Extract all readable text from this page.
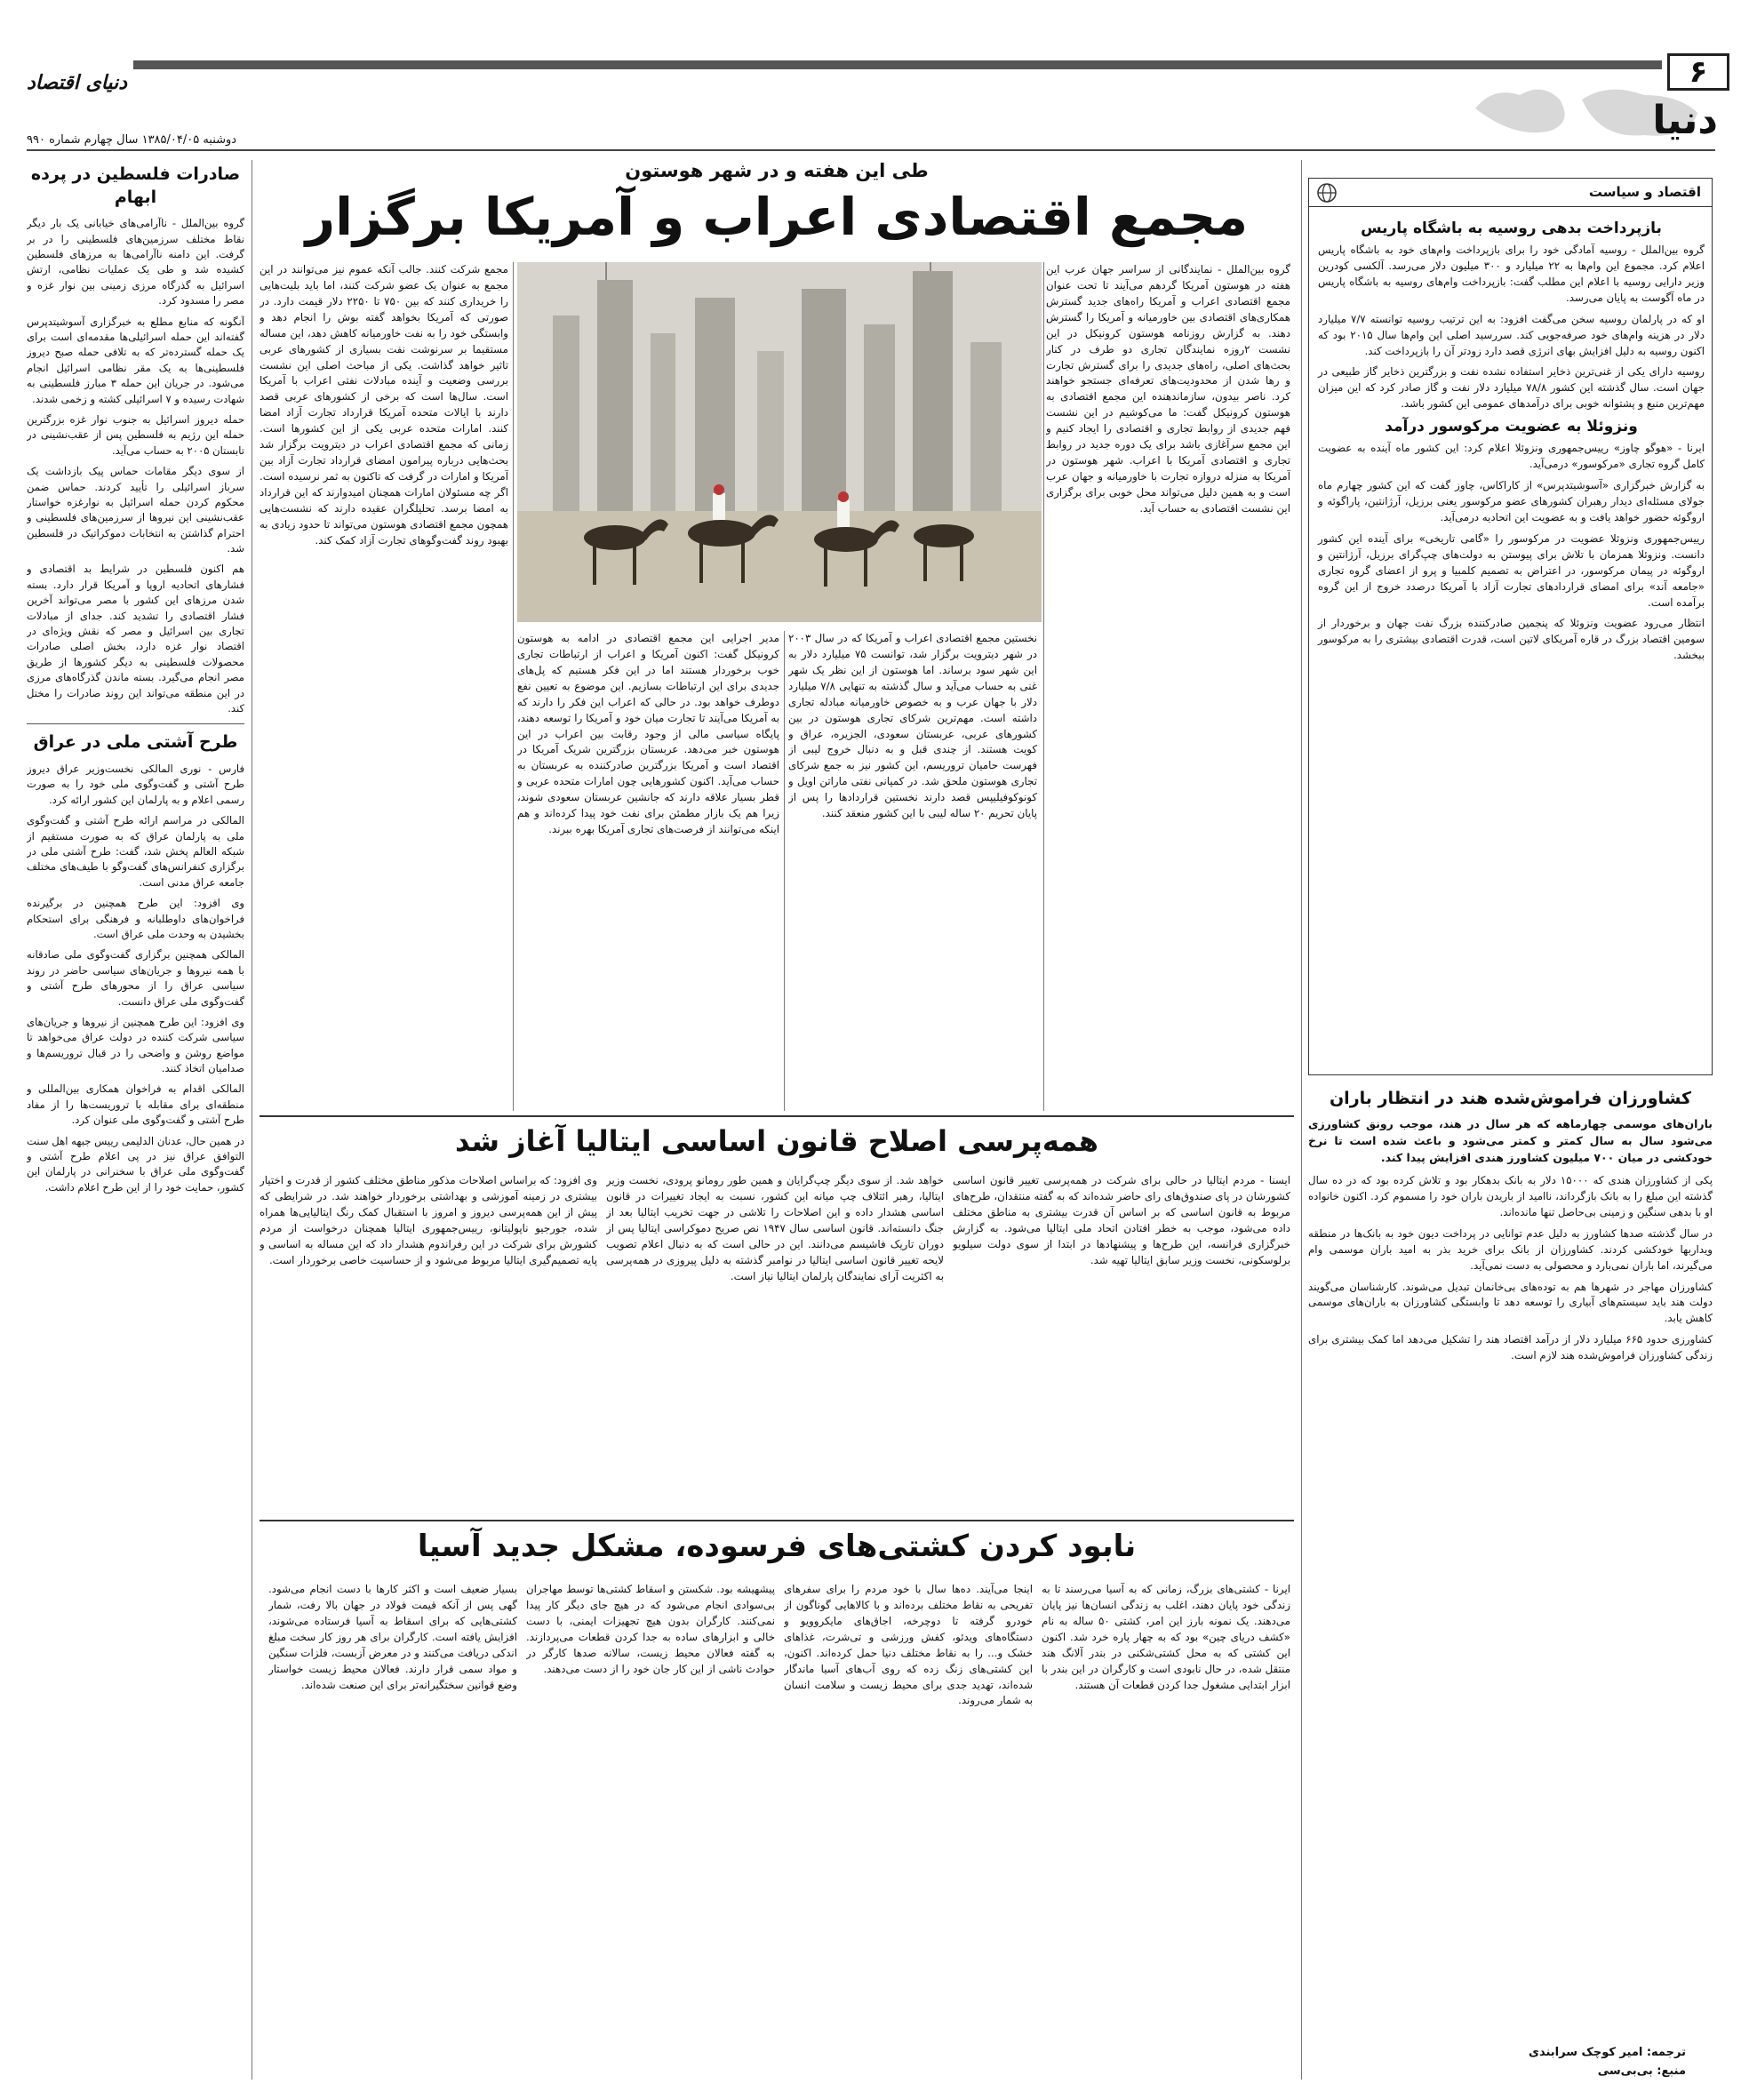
۶
دنیای اقتصاد
دنیا
دوشنبه ۱۳۸۵/۰۴/۰۵ سال چهارم شماره ۹۹۰
صادرات فلسطین در پرده ابهام

گروه بین‌الملل - ناآرامی‌های خیابانی یک بار دیگر نقاط مختلف سرزمین‌های فلسطینی را در بر گرفت. این دامنه ناآرامی‌ها به مرزهای فلسطین کشیده شد و طی یک عملیات نظامی، ارتش اسرائیل به گذرگاه مرزی زمینی بین نوار غزه و مصر را مسدود کرد.

آنگونه که منابع مطلع به خبرگزاری آسوشیتدپرس گفته‌اند این حمله اسرائیلی‌ها مقدمه‌ای است برای یک حمله گسترده‌تر که به تلافی حمله صبح دیروز فلسطینی‌ها به یک مقر نظامی اسرائیل انجام می‌شود. در جریان این حمله ۳ مبارز فلسطینی به شهادت رسیده و ۷ اسرائیلی کشته و زخمی شدند.

حمله دیروز اسرائیل به جنوب نوار غزه بزرگترین حمله این رژیم به فلسطین پس از عقب‌نشینی در تابستان ۲۰۰۵ به حساب می‌آید.

از سوی دیگر مقامات حماس پیک بازداشت یک سرباز اسرائیلی را تأیید کردند. حماس ضمن محکوم کردن حمله اسرائیل به نوارغزه خواستار عقب‌نشینی این نیروها از سرزمین‌های فلسطینی و احترام گذاشتن به انتخابات دموکراتیک در فلسطین شد.

هم اکنون فلسطین در شرایط بد اقتصادی و فشارهای اتحادیه اروپا و آمریکا قرار دارد. بسته شدن مرزهای این کشور با مصر می‌تواند آخرین فشار اقتصادی را تشدید کند. جدای از مبادلات تجاری بین اسرائیل و مصر که نقش ویژه‌ای در اقتصاد نوار غزه دارد، بخش اصلی صادرات محصولات فلسطینی به دیگر کشورها از طریق مصر انجام می‌گیرد. بسته ماندن گذرگاه‌های مرزی در این منطقه می‌تواند این روند صادرات را مختل کند.

طرح آشتی ملی در عراق

فارس - نوری المالکی نخست‌وزیر عراق دیروز طرح آشتی و گفت‌وگوی ملی خود را به صورت رسمی اعلام و به پارلمان این کشور ارائه کرد.

المالکی در مراسم ارائه طرح آشتی و گفت‌وگوی ملی به پارلمان عراق که به صورت مستقیم از شبکه العالم پخش شد، گفت: طرح آشتی ملی در برگزاری کنفرانس‌های گفت‌وگو با طیف‌های مختلف جامعه عراق مدنی است.

وی افزود: این طرح همچنین در برگیرنده فراخوان‌های داوطلبانه و فرهنگی برای استحکام بخشیدن به وحدت ملی عراق است.

المالکی همچنین برگزاری گفت‌وگوی ملی صادقانه با همه نیروها و جریان‌های سیاسی حاضر در روند سیاسی عراق را از محورهای طرح آشتی و گفت‌وگوی ملی عراق دانست.

وی افزود: این طرح همچنین از نیروها و جریان‌های سیاسی شرکت کننده در دولت عراق می‌خواهد تا مواضع روشن و واضحی را در قبال تروریسم‌ها و صدامیان اتخاذ کنند.

المالکی اقدام به فراخوان همکاری بین‌المللی و منطقه‌ای برای مقابله با تروریست‌ها را از مفاد طرح آشتی و گفت‌وگوی ملی عنوان کرد.

در همین حال، عدنان الدلیمی رییس جبهه اهل سنت التوافق عراق نیز در پی اعلام طرح آشتی و گفت‌وگوی ملی عراق با سخنرانی در پارلمان این کشور، حمایت خود را از این طرح اعلام داشت.

طی این هفته و در شهر هوستون
مجمع اقتصادی اعراب و آمریکا برگزار
گروه بین‌الملل - نمایندگانی از سراسر جهان عرب این هفته در هوستون آمریکا گردهم می‌آیند تا تحت عنوان مجمع اقتصادی اعراب و آمریکا راه‌های جدید گسترش همکاری‌های اقتصادی بین خاورمیانه و آمریکا را گسترش دهند. به گزارش روزنامه هوستون کرونیکل در این نشست ۲روزه نمایندگان تجاری دو طرف در کنار بحث‌های اصلی، راه‌های جدیدی را برای گسترش تجارت و رها شدن از محدودیت‌های تعرفه‌ای جستجو خواهند کرد. ناصر بیدون، سازماندهنده این مجمع اقتصادی به هوستون کرونیکل گفت: ما می‌کوشیم در این نشست فهم جدیدی از روابط تجاری و اقتصادی را ایجاد کنیم و این مجمع سرآغازی باشد برای یک دوره جدید در روابط تجاری و اقتصادی آمریکا با اعراب. شهر هوستون در آمریکا به منزله دروازه تجارت با خاورمیانه و جهان عرب است و به همین دلیل می‌تواند محل خوبی برای برگزاری این نشست اقتصادی به حساب آید.
نخستین مجمع اقتصادی اعراب و آمریکا که در سال ۲۰۰۳ در شهر دیترویت برگزار شد، توانست ۷۵ میلیارد دلار به این شهر سود برساند. اما هوستون از این نظر یک شهر غنی به حساب می‌آید و سال گذشته به تنهایی ۷/۸ میلیارد دلار با جهان عرب و به خصوص خاورمیانه مبادله تجاری داشته است. مهم‌ترین شرکای تجاری هوستون در بین کشورهای عربی، عربستان سعودی، الجزیره، عراق و کویت هستند. از چندی قبل و به دنبال خروج لیبی از فهرست حامیان تروریسم، این کشور نیز به جمع شرکای تجاری هوستون ملحق شد. در کمپانی نفتی ماراتن اویل و کونوکوفیلیپس قصد دارند نخستین قراردادها را پس از پایان تحریم ۲۰ ساله لیبی با این کشور منعقد کنند.
مدیر اجرایی این مجمع اقتصادی در ادامه به هوستون کرونیکل گفت: اکنون آمریکا و اعراب از ارتباطات تجاری خوب برخوردار هستند اما در این فکر هستیم که پل‌های جدیدی برای این ارتباطات بسازیم. این موضوع به تعیین نفع دوطرف خواهد بود. در حالی که اعراب این فکر را دارند که به آمریکا می‌آیند تا تجارت میان خود و آمریکا را توسعه دهند، پایگاه سیاسی مالی از وجود رقابت بین اعراب در این هوستون خبر می‌دهد. عربستان بزرگترین شریک آمریکا در اقتصاد است و آمریکا بزرگترین صادرکننده به عربستان به حساب می‌آید. اکنون کشورهایی چون امارات متحده عربی و قطر بسیار علاقه دارند که جانشین عربستان سعودی شوند، زیرا هم یک بازار مطمئن برای نفت خود پیدا کرده‌اند و هم اینکه می‌توانند از فرصت‌های تجاری آمریکا بهره ببرند.
مجمع شرکت کنند. جالب آنکه عموم نیز می‌توانند در این مجمع به عنوان یک عضو شرکت کنند، اما باید بلیت‌هایی را خریداری کنند که بین ۷۵۰ تا ۲۲۵۰ دلار قیمت دارد. در صورتی که آمریکا بخواهد گفته بوش را انجام دهد و وابستگی خود را به نفت خاورمیانه کاهش دهد، این مساله مستقیما بر سرنوشت نفت بسیاری از کشورهای عربی تاثیر خواهد گذاشت. یکی از مباحث اصلی این نشست بررسی وضعیت و آینده مبادلات نفتی اعراب با آمریکا است. سال‌ها است که برخی از کشورهای عربی قصد دارند با ایالات متحده آمریکا قرارداد تجارت آزاد امضا کنند. امارات متحده عربی یکی از این کشورها است. زمانی که مجمع اقتصادی اعراب در دیترویت برگزار شد بحث‌هایی درباره پیرامون امضای قرارداد تجارت آزاد بین آمریکا و امارات در گرفت که تاکنون به ثمر نرسیده است. اگر چه مسئولان امارات همچنان امیدوارند که این قرارداد به امضا برسد. تحلیلگران عقیده دارند که نشست‌هایی همچون مجمع اقتصادی هوستون می‌تواند تا حدود زیادی به بهبود روند گفت‌وگوهای تجارت آزاد کمک کند.
همه‌پرسی اصلاح قانون اساسی ایتالیا آغاز شد
ایسنا - مردم ایتالیا در حالی برای شرکت در همه‌پرسی تغییر قانون اساسی کشورشان در پای صندوق‌های رای حاضر شده‌اند که به گفته منتقدان، طرح‌های مربوط به قانون اساسی که بر اساس آن قدرت بیشتری به مناطق مختلف داده می‌شود، موجب به خطر افتادن اتحاد ملی ایتالیا می‌شود. به گزارش خبرگزاری فرانسه، این طرح‌ها و پیشنهادها در ابتدا از سوی دولت سیلویو برلوسکونی، نخست وزیر سابق ایتالیا تهیه شد.
خواهد شد. از سوی دیگر چپ‌گرایان و همین طور رومانو پرودی، نخست وزیر ایتالیا، رهبر ائتلاف چپ میانه این کشور، نسبت به ایجاد تغییرات در قانون اساسی هشدار داده و این اصلاحات را تلاشی در جهت تخریب ایتالیا بعد از جنگ دانسته‌اند. قانون اساسی سال ۱۹۴۷ نص صریح دموکراسی ایتالیا پس از دوران تاریک فاشیسم می‌دانند. این در حالی است که به دنبال اعلام تصویب لایحه تغییر قانون اساسی ایتالیا در نوامبر گذشته به دلیل پیروزی در همه‌پرسی به اکثریت آرای نمایندگان پارلمان ایتالیا نیاز است.
وی افزود: که براساس اصلاحات مذکور مناطق مختلف کشور از قدرت و اختیار بیشتری در زمینه آموزشی و بهداشتی برخوردار خواهند شد. در شرایطی که پیش از این همه‌پرسی دیروز و امروز با استقبال کمک رنگ ایتالیایی‌ها همراه شده، جورجیو ناپولیتانو، رییس‌جمهوری ایتالیا همچنان درخواست از مردم کشورش برای شرکت در این رفراندوم هشدار داد که این مساله به اساسی و پایه تصمیم‌گیری ایتالیا مربوط می‌شود و از حساسیت خاصی برخوردار است.
نابود کردن کشتی‌های فرسوده، مشکل جدید آسیا
ایرنا - کشتی‌های بزرگ، زمانی که به آسیا می‌رسند تا به زندگی خود پایان دهند، اغلب به زندگی انسان‌ها نیز پایان می‌دهند. یک نمونه بارز این امر، کشتی ۵۰ ساله به نام «کشف دریای چین» بود که به چهار پاره خرد شد. اکنون این کشتی که به محل کشتی‌شکنی در بندر آلانگ هند منتقل شده، در حال نابودی است و کارگران در این بندر با ابزار ابتدایی مشغول جدا کردن قطعات آن هستند.
اینجا می‌آیند. ده‌ها سال با خود مردم را برای سفرهای تفریحی به نقاط مختلف برده‌اند و با کالاهایی گوناگون از خودرو گرفته تا دوچرخه، اجاق‌های مایکروویو و دستگاه‌های ویدئو، کفش ورزشی و تی‌شرت، غذاهای خشک و... را به نقاط مختلف دنیا حمل کرده‌اند. اکنون، این کشتی‌های زنگ زده که روی آب‌های آسیا ماندگار شده‌اند، تهدید جدی برای محیط زیست و سلامت انسان به شمار می‌روند.
پیشهیشه بود. شکستن و اسقاط کشتی‌ها توسط مهاجران بی‌سوادی انجام می‌شود که در هیچ جای دیگر کار پیدا نمی‌کنند. کارگران بدون هیچ تجهیزات ایمنی، با دست خالی و ابزارهای ساده به جدا کردن قطعات می‌پردازند. به گفته فعالان محیط زیست، سالانه صدها کارگر در حوادث ناشی از این کار جان خود را از دست می‌دهند.
بسیار ضعیف است و اکثر کارها با دست انجام می‌شود. گهی پس از آنکه قیمت فولاد در جهان بالا رفت، شمار کشتی‌هایی که برای اسقاط به آسیا فرستاده می‌شوند، افزایش یافته است. کارگران برای هر روز کار سخت مبلغ اندکی دریافت می‌کنند و در معرض آزبست، فلزات سنگین و مواد سمی قرار دارند. فعالان محیط زیست خواستار وضع قوانین سختگیرانه‌تر برای این صنعت شده‌اند.
اقتصاد و سیاست
بازپرداخت بدهی روسیه به باشگاه پاریس

گروه بین‌الملل - روسیه آمادگی خود را برای بازپرداخت وام‌های خود به باشگاه پاریس اعلام کرد. مجموع این وام‌ها به ۲۲ میلیارد و ۳۰۰ میلیون دلار می‌رسد. آلکسی کودرین وزیر دارایی روسیه با اعلام این مطلب گفت: بازپرداخت وام‌های روسیه به باشگاه پاریس در ماه آگوست به پایان می‌رسد.

او که در پارلمان روسیه سخن می‌گفت افزود: به این ترتیب روسیه توانسته ۷/۷ میلیارد دلار در هزینه وام‌های خود صرفه‌جویی کند. سررسید اصلی این وام‌ها سال ۲۰۱۵ بود که اکنون روسیه به دلیل افزایش بهای انرژی قصد دارد زودتر آن را بازپرداخت کند.

روسیه دارای یکی از غنی‌ترین ذخایر استفاده نشده نفت و بزرگترین ذخایر گاز طبیعی در جهان است. سال گذشته این کشور ۷۸/۸ میلیارد دلار نفت و گاز صادر کرد که این میزان مهم‌ترین منبع و پشتوانه خوبی برای درآمدهای عمومی این کشور باشد.

ونزوئلا به عضویت مرکوسور درآمد

ایرنا - «هوگو چاوز» رییس‌جمهوری ونزوئلا اعلام کرد: این کشور ماه آینده به عضویت کامل گروه تجاری «مرکوسور» درمی‌آید.

به گزارش خبرگزاری «آسوشیتدپرس» از کاراکاس، چاوز گفت که این کشور چهارم ماه جولای مسئله‌ای دیدار رهبران کشورهای عضو مرکوسور یعنی برزیل، آرژانتین، پاراگوئه و اروگوئه حضور خواهد یافت و به عضویت این اتحادیه درمی‌آید.

رییس‌جمهوری ونزوئلا عضویت در مرکوسور را «گامی تاریخی» برای آینده این کشور دانست. ونزوئلا همزمان با تلاش برای پیوستن به دولت‌های چپ‌گرای برزیل، آرژانتین و اروگوئه در پیمان مرکوسور، در اعتراض به تصمیم کلمبیا و پرو از اعضای گروه تجاری «جامعه آند» برای امضای قراردادهای تجارت آزاد با آمریکا درصدد خروج از این گروه برآمده است.

انتظار می‌رود عضویت ونزوئلا که پنجمین صادرکننده بزرگ نفت جهان و برخوردار از سومین اقتصاد بزرگ در قاره آمریکای لاتین است، قدرت اقتصادی بیشتری را به مرکوسور ببخشد.

کشاورزان فراموش‌شده هند در انتظار باران

باران‌های موسمی چهارماهه که هر سال در هند، موجب رونق کشاورزی می‌شود سال به سال کمتر و کمتر می‌شود و باعث شده است تا نرخ خودکشی در میان ۷۰۰ میلیون کشاورز هندی افزایش پیدا کند.

پکی از کشاورزان هندی که ۱۵۰۰۰ دلار به بانک بدهکار بود و تلاش کرده بود که در ده سال گذشته این مبلغ را به بانک بازگرداند، ناامید از باریدن باران خود را مسموم کرد. اکنون خانواده او با بدهی سنگین و زمینی بی‌حاصل تنها مانده‌اند.

در سال گذشته صدها کشاورز به دلیل عدم توانایی در پرداخت دیون خود به بانک‌ها در منطقه ویداربها خودکشی کردند. کشاورزان از بانک برای خرید بذر به امید باران موسمی وام می‌گیرند، اما باران نمی‌بارد و محصولی به دست نمی‌آید.

کشاورزان مهاجر در شهرها هم به توده‌های بی‌خانمان تبدیل می‌شوند. کارشناسان می‌گویند دولت هند باید سیستم‌های آبیاری را توسعه دهد تا وابستگی کشاورزان به باران‌های موسمی کاهش یابد.

کشاورزی حدود ۶۶۵ میلیارد دلار از درآمد اقتصاد هند را تشکیل می‌دهد اما کمک بیشتری برای زندگی کشاورزان فراموش‌شده هند لازم است.

ترجمه: امیر کوچک سرابندی
منبع: بی‌بی‌سی
